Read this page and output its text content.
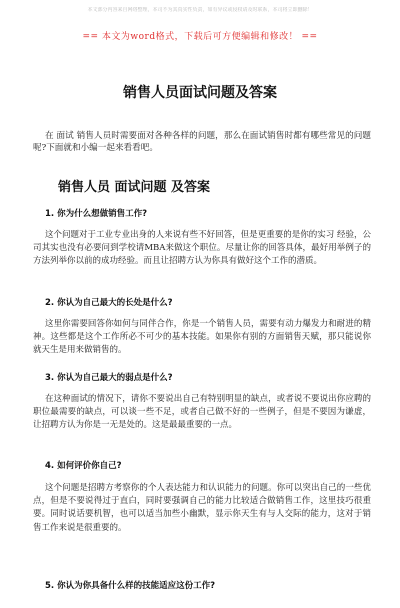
本文部分内容来自网络整理，本司不为其真实性负责，如有异议或侵权请及时联系，本司将立即删除！
== 本文为word格式，下载后可方便编辑和修改！ ==
销售人员面试问题及答案
在 面试 销售人员时需要面对各种各样的问题，那么在面试销售时都有哪些常见的问题呢?下面就和小编一起来看看吧。
销售人员 面试问题 及答案
1. 你为什么想做销售工作?
这个问题对于工业专业出身的人来说有些不好回答，但是更重要的是你的实习 经验，公司其实也没有必要问到学校请MBA来做这个职位。尽量让你的回答具体，最好用举例子的方法列举你以前的成功经验。而且让招聘方认为你具有做好这个工作的潜质。
2. 你认为自己最大的长处是什么?
这里你需要回答你如何与同伴合作，你是一个销售人员，需要有动力爆发力和耐进的精神。这些都是这个工作所必不可少的基本技能。如果你有别的方面销售天赋，那只能说你就天生是用来做销售的。
3. 你认为自己最大的弱点是什么?
在这种面试的情况下，请你不要说出自己有特别明显的缺点，或者说不要说出你应聘的职位最需要的缺点，可以谈一些不足，或者自己做不好的一些例子，但是不要因为谦虚，让招聘方认为你是一无是处的。这是最最重要的一点。
4. 如何评价你自己?
这个问题是招聘方考察你的个人表达能力和认识能力的问题。你可以突出自己的一些优点，但是不要说得过于直白，同时要强调自己的能力比较适合做销售工作，这里技巧很重要。同时说话要机智，也可以适当加些小幽默，显示你天生有与人交际的能力，这对于销售工作来说是很重要的。
5. 你认为你具备什么样的技能适应这份工作?
